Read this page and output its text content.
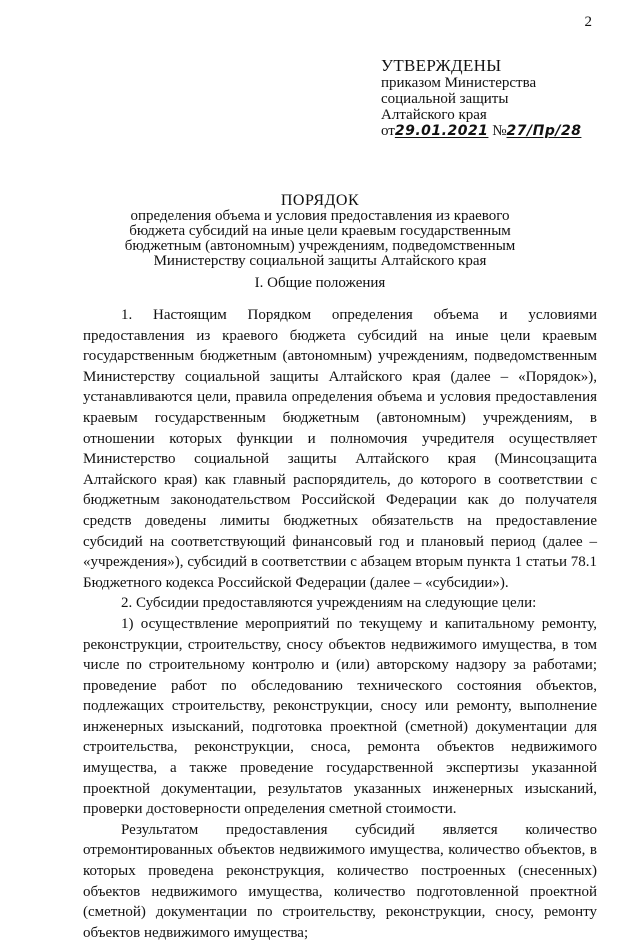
2
УТВЕРЖДЕНЫ
приказом Министерства
социальной защиты
Алтайского края
от29.01.2021 №27/Пр/28
ПОРЯДОК
определения объема и условия предоставления из краевого
бюджета субсидий на иные цели краевым государственным
бюджетным (автономным) учреждениям, подведомственным
Министерству социальной защиты Алтайского края
I. Общие положения

1. Настоящим Порядком определения объема и условиями предоставления из краевого бюджета субсидий на иные цели краевым государственным бюджетным (автономным) учреждениям, подведомственным Министерству социальной защиты Алтайского края (далее – «Порядок»), устанавливаются цели, правила определения объема и условия предоставления краевым государственным бюджетным (автономным) учреждениям, в отношении которых функции и полномочия учредителя осуществляет Министерство социальной защиты Алтайского края (Минсоцзащита Алтайского края) как главный распорядитель, до которого в соответствии с бюджетным законодательством Российской Федерации как до получателя средств доведены лимиты бюджетных обязательств на предоставление субсидий на соответствующий финансовый год и плановый период (далее – «учреждения»), субсидий в соответствии с абзацем вторым пункта 1 статьи 78.1 Бюджетного кодекса Российской Федерации (далее – «субсидии»).

2. Субсидии предоставляются учреждениям на следующие цели:

1) осуществление мероприятий по текущему и капитальному ремонту, реконструкции, строительству, сносу объектов недвижимого имущества, в том числе по строительному контролю и (или) авторскому надзору за работами; проведение работ по обследованию технического состояния объектов, подлежащих строительству, реконструкции, сносу или ремонту, выполнение инженерных изысканий, подготовка проектной (сметной) документации для строительства, реконструкции, сноса, ремонта объектов недвижимого имущества, а также проведение государственной экспертизы указанной проектной документации, результатов указанных инженерных изысканий, проверки достоверности определения сметной стоимости.

Результатом предоставления субсидий является количество отремонтированных объектов недвижимого имущества, количество объектов, в которых проведена реконструкция, количество построенных (снесенных) объектов недвижимого имущества, количество подготовленной проектной (сметной) документации по строительству, реконструкции, сносу, ремонту объектов недвижимого имущества;
